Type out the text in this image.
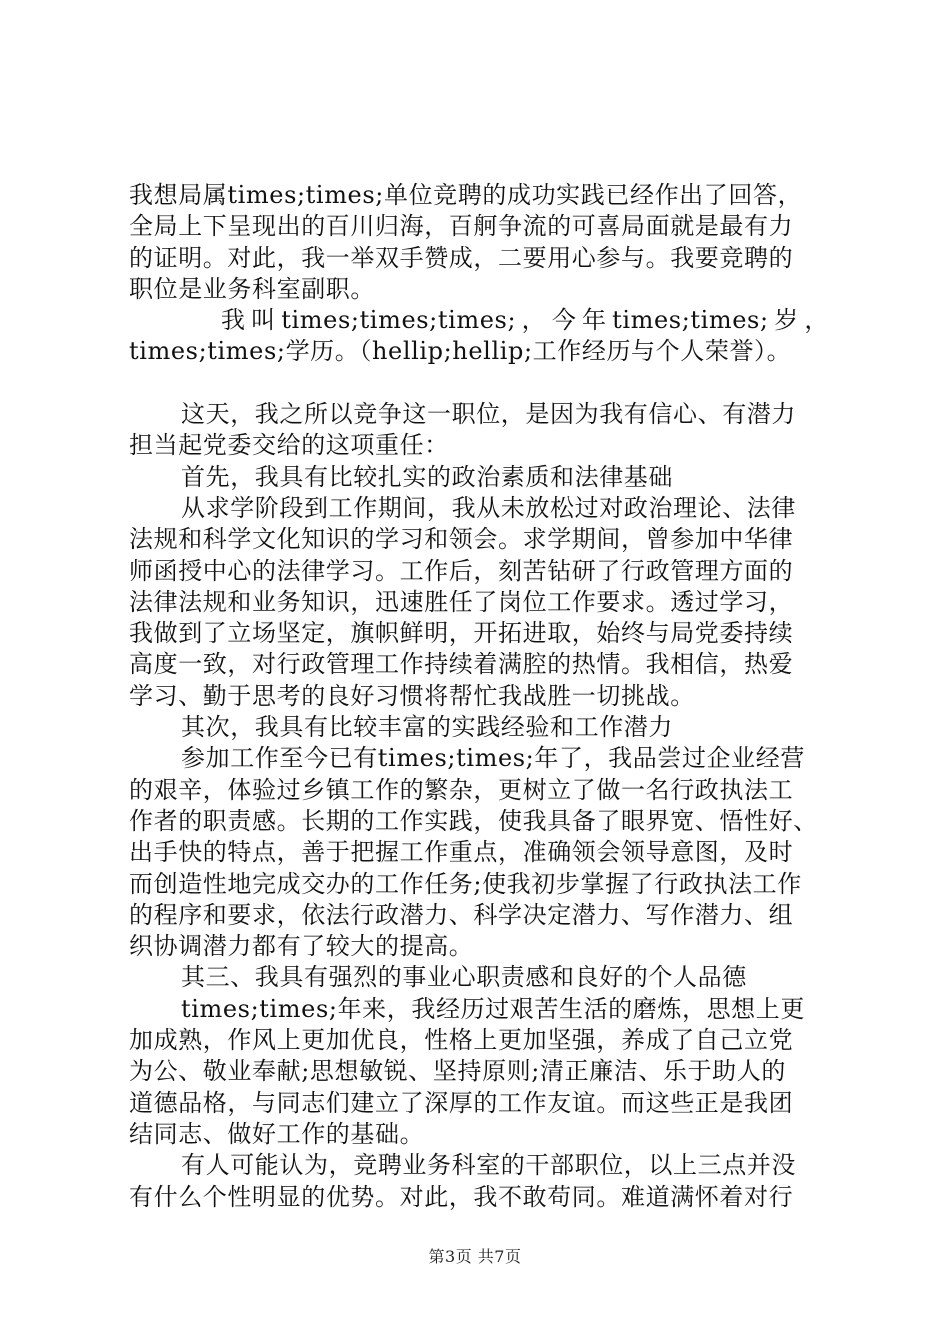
我想局属times;times;单位竞聘的成功实践已经作出了回答，
全局上下呈现出的百川归海，百舸争流的可喜局面就是最有力
的证明。对此，我一举双手赞成，二要用心参与。我要竞聘的
职位是业务科室副职。
我 叫 times;times;times; ， 今 年 times;times; 岁 ，
times;times;学历。（hellip;hellip;工作经历与个人荣誉）。
这天，我之所以竞争这一职位，是因为我有信心、有潜力
担当起党委交给的这项重任：
首先，我具有比较扎实的政治素质和法律基础
从求学阶段到工作期间，我从未放松过对政治理论、法律
法规和科学文化知识的学习和领会。求学期间，曾参加中华律
师函授中心的法律学习。工作后，刻苦钻研了行政管理方面的
法律法规和业务知识，迅速胜任了岗位工作要求。透过学习，
我做到了立场坚定，旗帜鲜明，开拓进取，始终与局党委持续
高度一致，对行政管理工作持续着满腔的热情。我相信，热爱
学习、勤于思考的良好习惯将帮忙我战胜一切挑战。
其次，我具有比较丰富的实践经验和工作潜力
参加工作至今已有times;times;年了，我品尝过企业经营
的艰辛，体验过乡镇工作的繁杂，更树立了做一名行政执法工
作者的职责感。长期的工作实践，使我具备了眼界宽、悟性好、
出手快的特点，善于把握工作重点，准确领会领导意图，及时
而创造性地完成交办的工作任务;使我初步掌握了行政执法工作
的程序和要求，依法行政潜力、科学决定潜力、写作潜力、组
织协调潜力都有了较大的提高。
其三、我具有强烈的事业心职责感和良好的个人品德
times;times;年来，我经历过艰苦生活的磨炼，思想上更
加成熟，作风上更加优良，性格上更加坚强，养成了自己立党
为公、敬业奉献;思想敏锐、坚持原则;清正廉洁、乐于助人的
道德品格，与同志们建立了深厚的工作友谊。而这些正是我团
结同志、做好工作的基础。
有人可能认为，竞聘业务科室的干部职位，以上三点并没
有什么个性明显的优势。对此，我不敢苟同。难道满怀着对行
第3页 共7页
